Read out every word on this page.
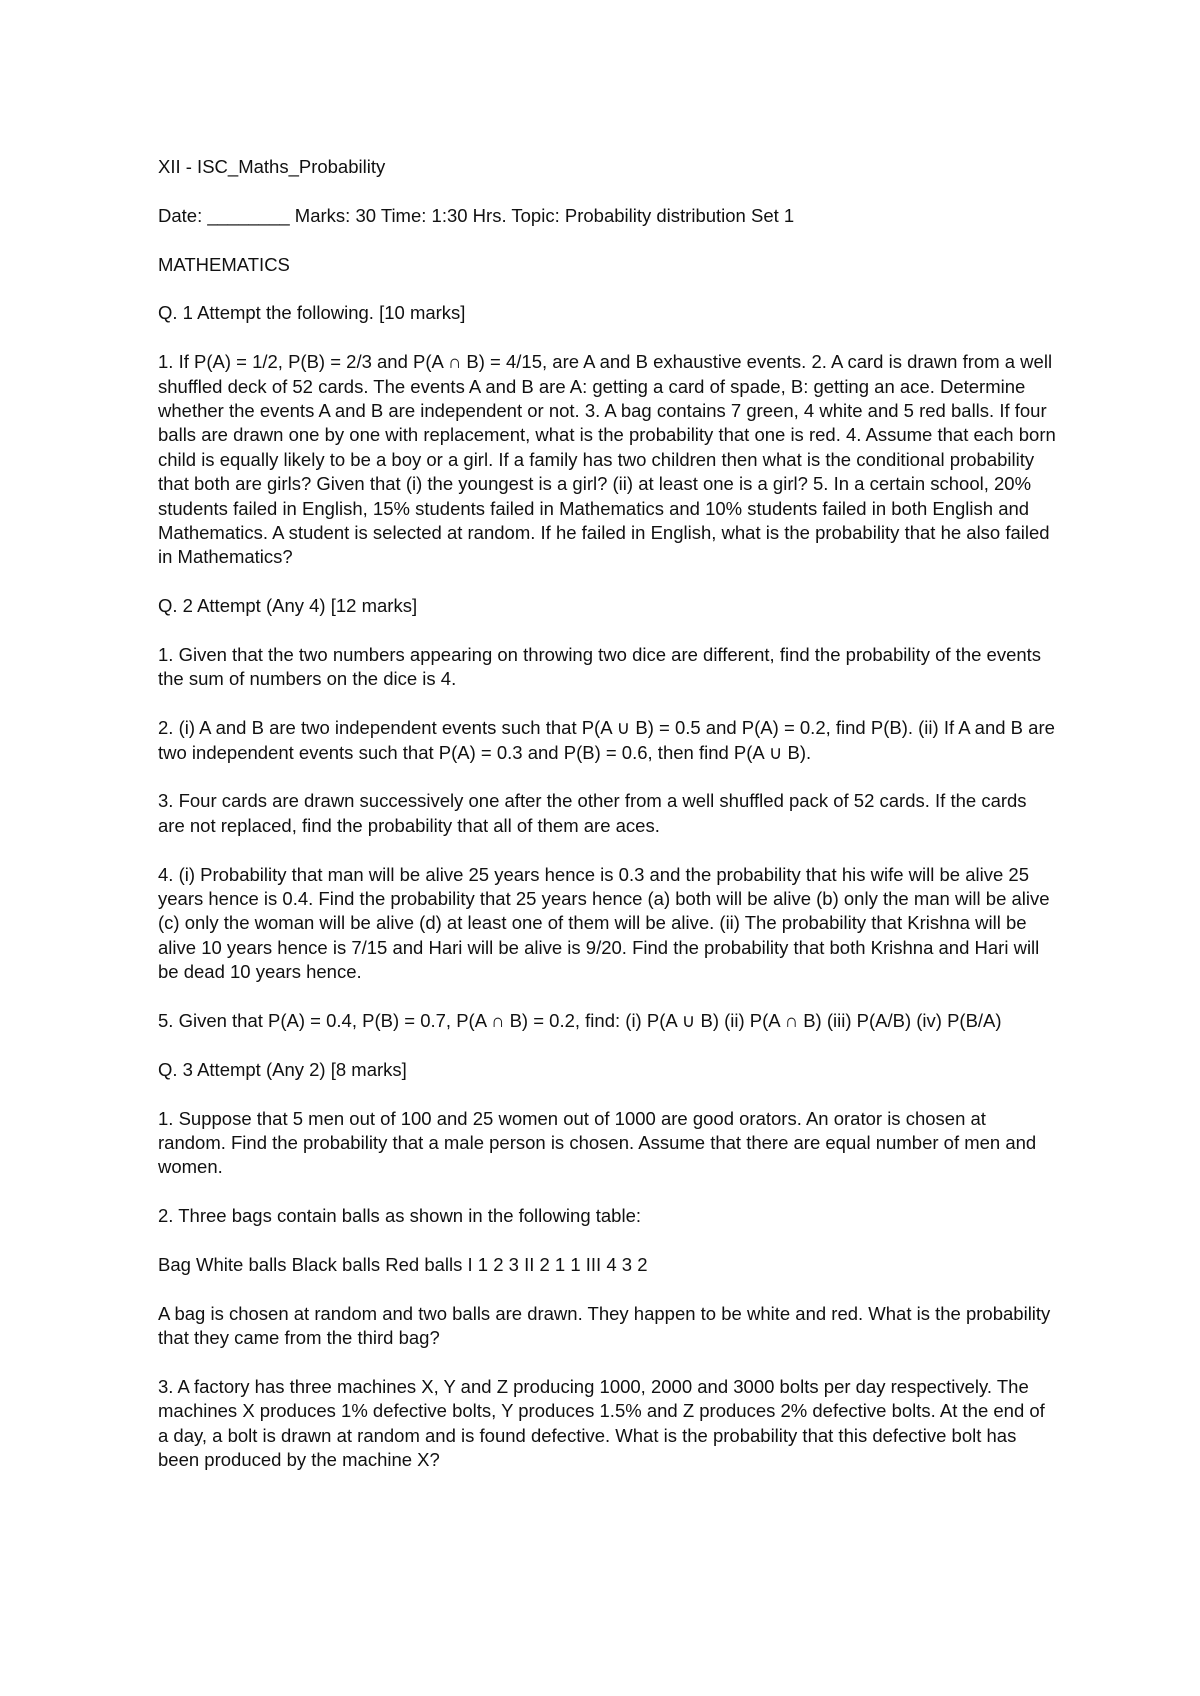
XII - ISC_Maths_Probability

Date: ________ Marks: 30 Time: 1:30 Hrs. Topic: Probability distribution Set 1

MATHEMATICS

Q. 1 Attempt the following. [10 marks]

1. If P(A) = 1/2, P(B) = 2/3 and P(A ∩ B) = 4/15, are A and B exhaustive events. 2. A card is drawn from a well shuffled deck of 52 cards. The events A and B are A: getting a card of spade, B: getting an ace. Determine whether the events A and B are independent or not. 3. A bag contains 7 green, 4 white and 5 red balls. If four balls are drawn one by one with replacement, what is the probability that one is red. 4. Assume that each born child is equally likely to be a boy or a girl. If a family has two children then what is the conditional probability that both are girls? Given that (i) the youngest is a girl? (ii) at least one is a girl? 5. In a certain school, 20% students failed in English, 15% students failed in Mathematics and 10% students failed in both English and Mathematics. A student is selected at random. If he failed in English, what is the probability that he also failed in Mathematics?

Q. 2 Attempt (Any 4) [12 marks]

1. Given that the two numbers appearing on throwing two dice are different, find the probability of the events the sum of numbers on the dice is 4.

2. (i) A and B are two independent events such that P(A ∪ B) = 0.5 and P(A) = 0.2, find P(B). (ii) If A and B are two independent events such that P(A) = 0.3 and P(B) = 0.6, then find P(A ∪ B).

3. Four cards are drawn successively one after the other from a well shuffled pack of 52 cards. If the cards are not replaced, find the probability that all of them are aces.

4. (i) Probability that man will be alive 25 years hence is 0.3 and the probability that his wife will be alive 25 years hence is 0.4. Find the probability that 25 years hence (a) both will be alive (b) only the man will be alive (c) only the woman will be alive (d) at least one of them will be alive. (ii) The probability that Krishna will be alive 10 years hence is 7/15 and Hari will be alive is 9/20. Find the probability that both Krishna and Hari will be dead 10 years hence.

5. Given that P(A) = 0.4, P(B) = 0.7, P(A ∩ B) = 0.2, find: (i) P(A ∪ B) (ii) P(A ∩ B) (iii) P(A/B) (iv) P(B/A)

Q. 3 Attempt (Any 2) [8 marks]

1. Suppose that 5 men out of 100 and 25 women out of 1000 are good orators. An orator is chosen at random. Find the probability that a male person is chosen. Assume that there are equal number of men and women.

2. Three bags contain balls as shown in the following table:

Bag White balls Black balls Red balls I 1 2 3 II 2 1 1 III 4 3 2

A bag is chosen at random and two balls are drawn. They happen to be white and red. What is the probability that they came from the third bag?

3. A factory has three machines X, Y and Z producing 1000, 2000 and 3000 bolts per day respectively. The machines X produces 1% defective bolts, Y produces 1.5% and Z produces 2% defective bolts. At the end of a day, a bolt is drawn at random and is found defective. What is the probability that this defective bolt has been produced by the machine X?
